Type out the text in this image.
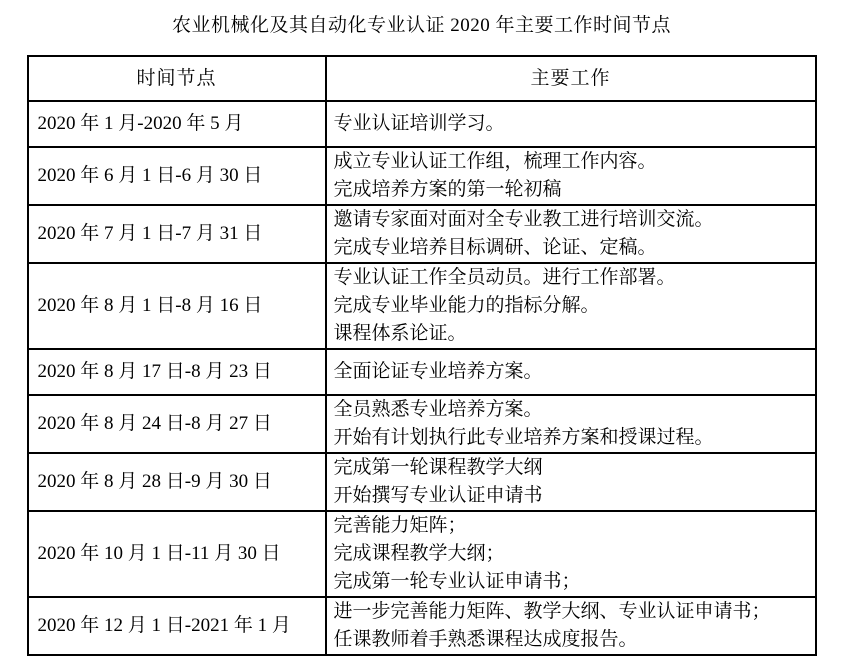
农业机械化及其自动化专业认证 2020 年主要工作时间节点
时间节点	主要工作
2020 年 1 月-2020 年 5 月	专业认证培训学习。

2020 年 6 月 1 日-6 月 30 日	成立专业认证工作组，梳理工作内容。
完成培养方案的第一轮初稿

2020 年 7 月 1 日-7 月 31 日	邀请专家面对面对全专业教工进行培训交流。
完成专业培养目标调研、论证、定稿。

2020 年 8 月 1 日-8 月 16 日	专业认证工作全员动员。进行工作部署。
完成专业毕业能力的指标分解。
课程体系论证。

2020 年 8 月 17 日-8 月 23 日	全面论证专业培养方案。

2020 年 8 月 24 日-8 月 27 日	全员熟悉专业培养方案。
开始有计划执行此专业培养方案和授课过程。

2020 年 8 月 28 日-9 月 30 日	完成第一轮课程教学大纲
开始撰写专业认证申请书

2020 年 10 月 1 日-11 月 30 日	完善能力矩阵；
完成课程教学大纲；
完成第一轮专业认证申请书；

2020 年 12 月 1 日-2021 年 1 月	进一步完善能力矩阵、教学大纲、专业认证申请书；
任课教师着手熟悉课程达成度报告。
